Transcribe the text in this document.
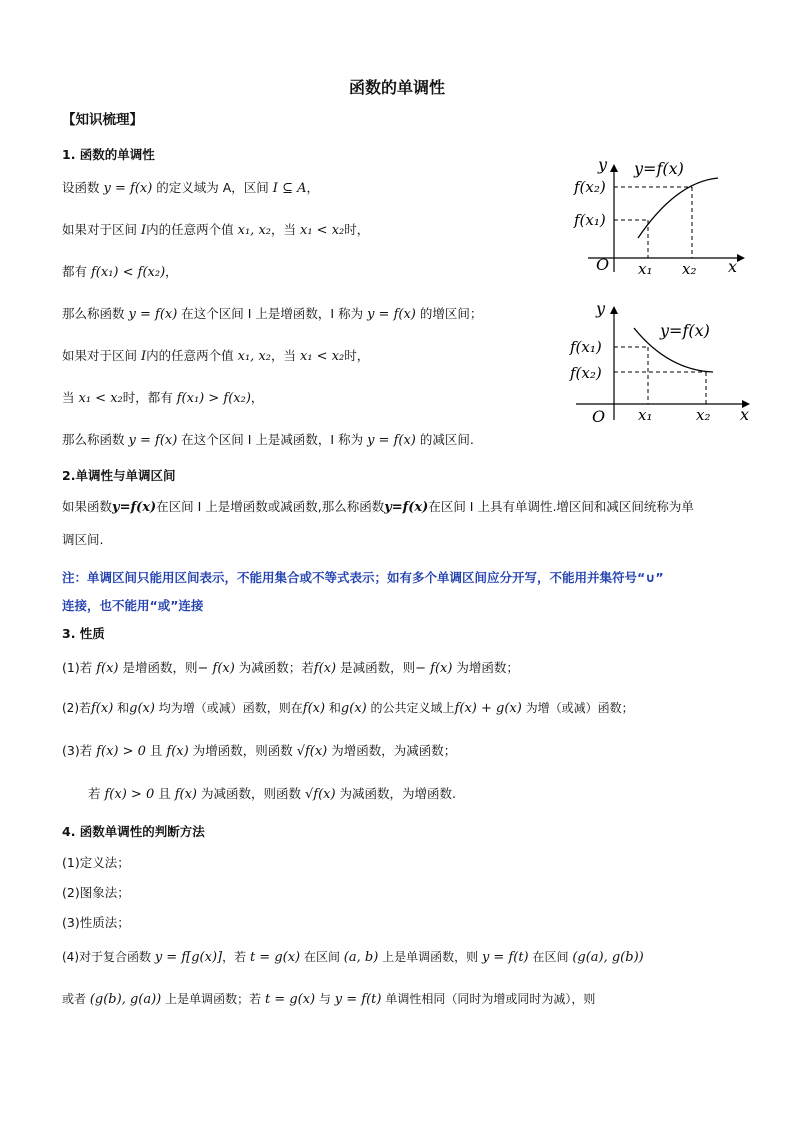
函数的单调性
【知识梳理】
1. 函数的单调性
设函数 y = f(x) 的定义域为 A，区间 I ⊆ A，
如果对于区间 I内的任意两个值 x₁, x₂，当 x₁ < x₂时，
都有 f(x₁) < f(x₂)，
那么称函数 y = f(x) 在这个区间 I 上是增函数，I 称为 y = f(x) 的增区间；
如果对于区间 I内的任意两个值 x₁, x₂，当 x₁ < x₂时，
当 x₁ < x₂时，都有 f(x₁) > f(x₂)，
那么称函数 y = f(x) 在这个区间 I 上是减函数，I 称为 y = f(x) 的减区间.
y
x
O
y=f(x)
f(x₂)
f(x₁)
x₁ x₂
y
x
O
y=f(x)
f(x₁)
f(x₂)
x₁	x₂
2.单调性与单调区间
如果函数y=f(x)在区间 I 上是增函数或减函数,那么称函数y=f(x)在区间 I 上具有单调性.增区间和减区间统称为单
调区间.
注：单调区间只能用区间表示，不能用集合或不等式表示；如有多个单调区间应分开写，不能用并集符号“∪”
连接，也不能用“或”连接
3. 性质
(1)若 f(x) 是增函数，则− f(x) 为减函数；若f(x) 是减函数，则− f(x) 为增函数；
(2)若f(x) 和g(x) 均为增（或减）函数，则在f(x) 和g(x) 的公共定义域上f(x) + g(x) 为增（或减）函数；
(3)若 f(x) > 0 且 f(x) 为增函数，则函数 √f(x) 为增函数，为减函数；
若 f(x) > 0 且 f(x) 为减函数，则函数 √f(x) 为减函数，为增函数.
4. 函数单调性的判断方法
(1)定义法；
(2)图象法；
(3)性质法；
(4)对于复合函数 y = f[g(x)]，若 t = g(x) 在区间 (a, b) 上是单调函数，则 y = f(t) 在区间 (g(a), g(b))
或者 (g(b), g(a)) 上是单调函数；若 t = g(x) 与 y = f(t) 单调性相同（同时为增或同时为减），则
